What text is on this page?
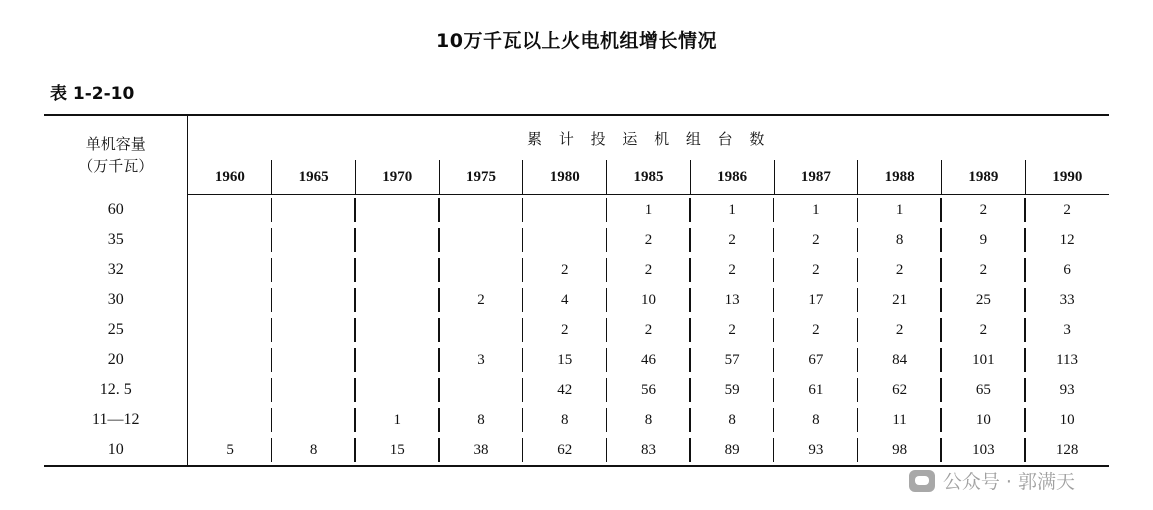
10万千瓦以上火电机组增长情况
表 1-2-10
单机容量
（万千瓦）	累 计 投 运 机 组 台 数										
	1960	1965	1970	1975	1980	1985	1986	1987	1988	1989	1990
60						1	1	1	1	2	2
35						2	2	2	8	9	12
32					2	2	2	2	2	2	6
30				2	4	10	13	17	21	25	33
25					2	2	2	2	2	2	3
20				3	15	46	57	67	84	101	113
12. 5					42	56	59	61	62	65	93
11—12			1	8	8	8	8	8	11	10	10
10	5	8	15	38	62	83	89	93	98	103	128
公众号 · 郭满天
